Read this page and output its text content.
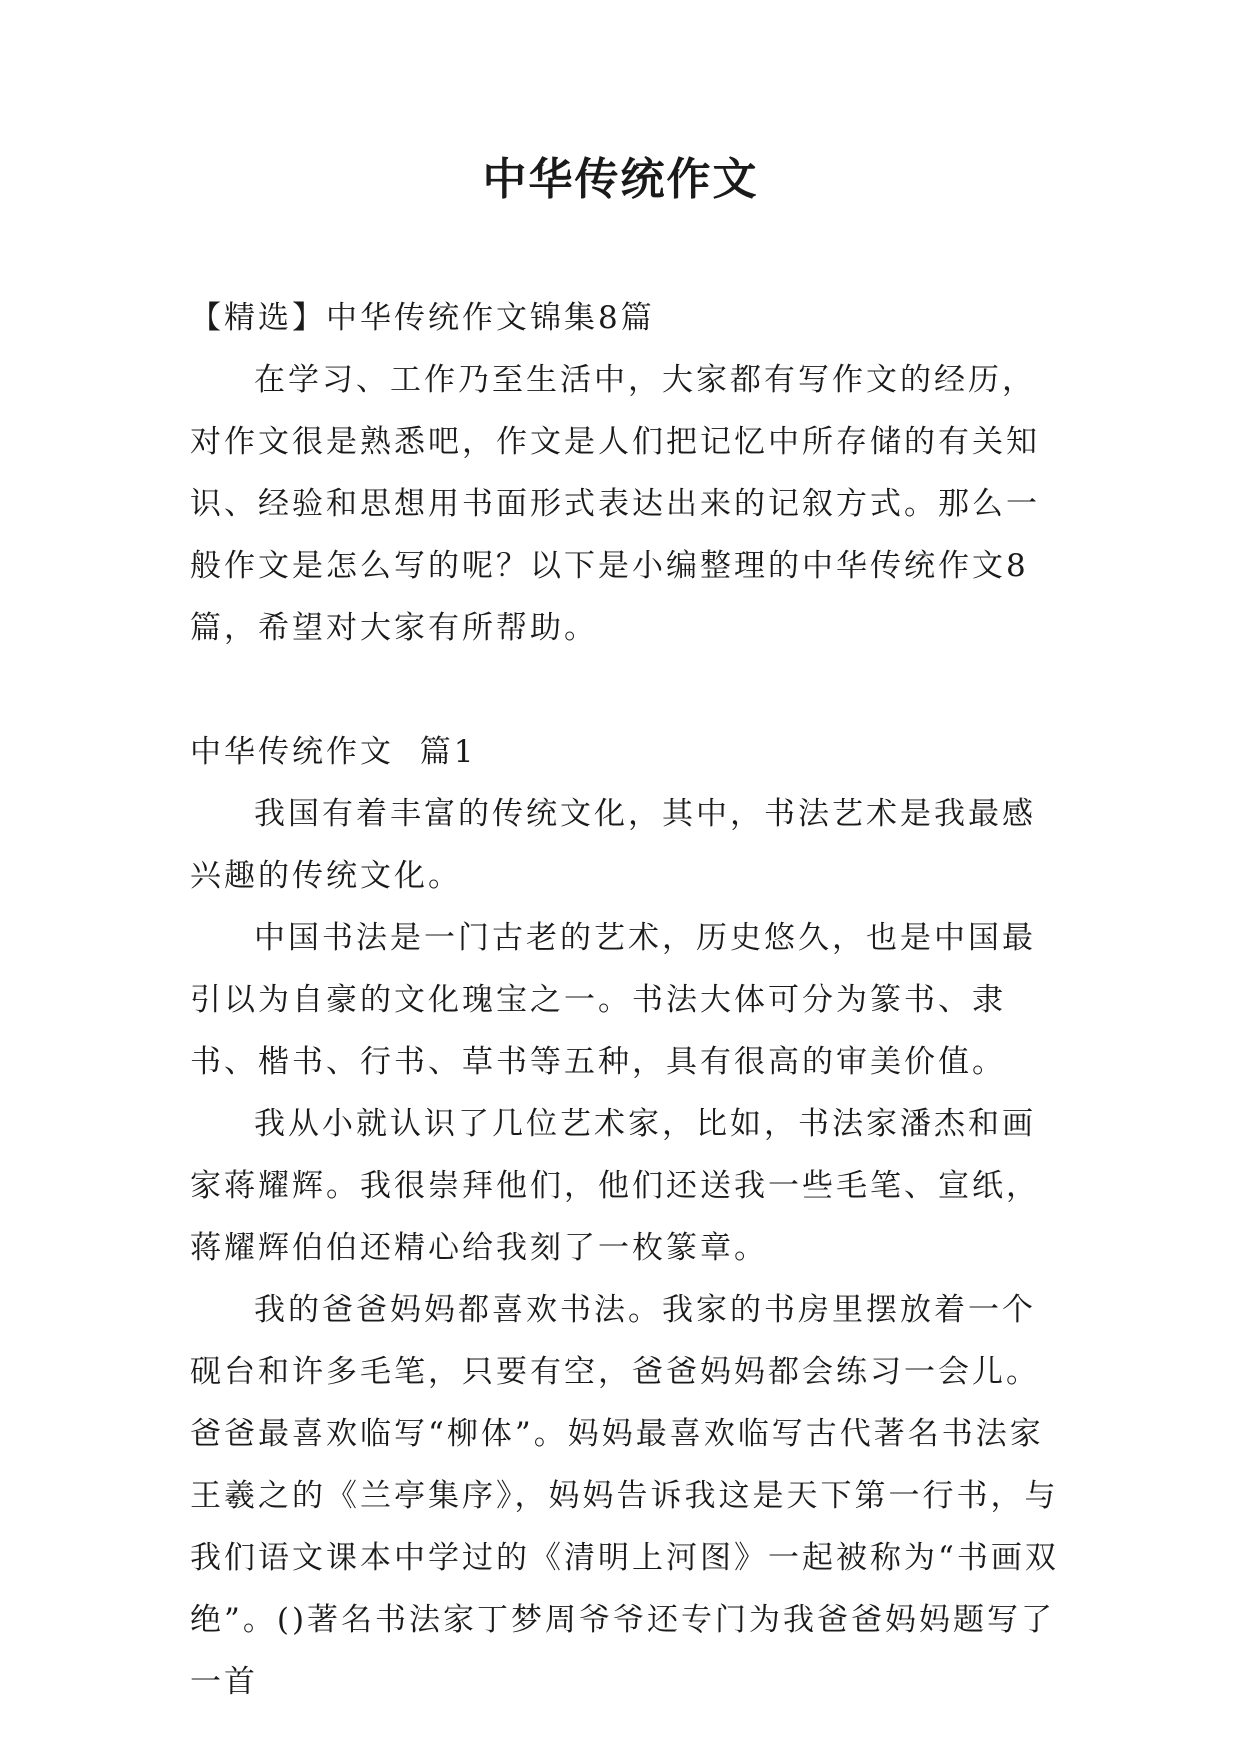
中华传统作文

【精选】中华传统作文锦集8篇

在学习、工作乃至生活中，大家都有写作文的经历，对作文很是熟悉吧，作文是人们把记忆中所存储的有关知识、经验和思想用书面形式表达出来的记叙方式。那么一般作文是怎么写的呢？以下是小编整理的中华传统作文8篇，希望对大家有所帮助。

中华传统作文  篇1

我国有着丰富的传统文化，其中，书法艺术是我最感兴趣的传统文化。

中国书法是一门古老的艺术，历史悠久，也是中国最引以为自豪的文化瑰宝之一。书法大体可分为篆书、隶书、楷书、行书、草书等五种，具有很高的审美价值。

我从小就认识了几位艺术家，比如，书法家潘杰和画家蒋耀辉。我很崇拜他们，他们还送我一些毛笔、宣纸，蒋耀辉伯伯还精心给我刻了一枚篆章。

我的爸爸妈妈都喜欢书法。我家的书房里摆放着一个砚台和许多毛笔，只要有空，爸爸妈妈都会练习一会儿。爸爸最喜欢临写“柳体”。妈妈最喜欢临写古代著名书法家王羲之的《兰亭集序》，妈妈告诉我这是天下第一行书，与我们语文课本中学过的《清明上河图》一起被称为“书画双绝”。()著名书法家丁梦周爷爷还专门为我爸爸妈妈题写了一首
